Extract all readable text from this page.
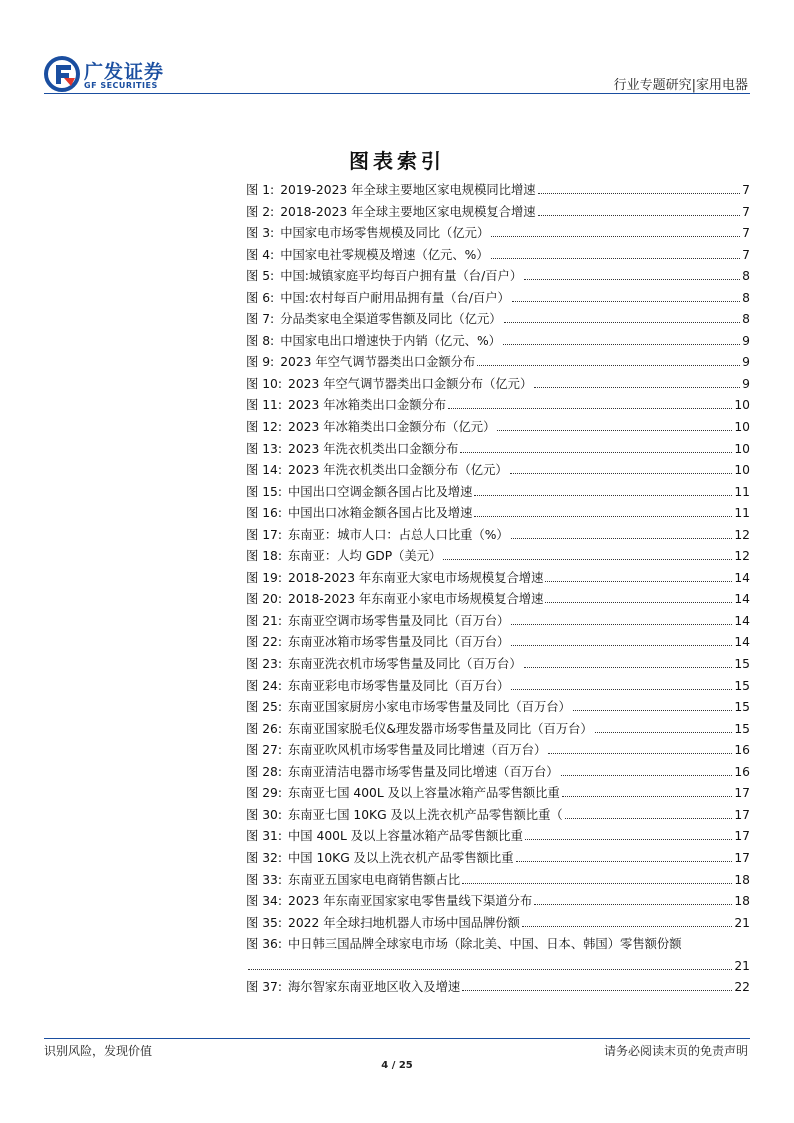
广发证券
GF SECURITIES	行业专题研究|家用电器
图表索引
图 1: 2019-2023 年全球主要地区家电规模同比增速	7
图 2: 2018-2023 年全球主要地区家电规模复合增速	7
图 3: 中国家电市场零售规模及同比（亿元）	7
图 4: 中国家电社零规模及增速（亿元、%）	7
图 5: 中国:城镇家庭平均每百户拥有量（台/百户）	8
图 6: 中国:农村每百户耐用品拥有量（台/百户）	8
图 7: 分品类家电全渠道零售额及同比（亿元）	8
图 8: 中国家电出口增速快于内销（亿元、%）	9
图 9: 2023 年空气调节器类出口金额分布	9
图 10: 2023 年空气调节器类出口金额分布（亿元）	9
图 11: 2023 年冰箱类出口金额分布	10
图 12: 2023 年冰箱类出口金额分布（亿元）	10
图 13: 2023 年洗衣机类出口金额分布	10
图 14: 2023 年洗衣机类出口金额分布（亿元）	10
图 15: 中国出口空调金额各国占比及增速	11
图 16: 中国出口冰箱金额各国占比及增速	11
图 17: 东南亚：城市人口：占总人口比重（%）	12
图 18: 东南亚：人均 GDP（美元）	12
图 19: 2018-2023 年东南亚大家电市场规模复合增速	14
图 20: 2018-2023 年东南亚小家电市场规模复合增速	14
图 21: 东南亚空调市场零售量及同比（百万台）	14
图 22: 东南亚冰箱市场零售量及同比（百万台）	14
图 23: 东南亚洗衣机市场零售量及同比（百万台）	15
图 24: 东南亚彩电市场零售量及同比（百万台）	15
图 25: 东南亚国家厨房小家电市场零售量及同比（百万台）	15
图 26: 东南亚国家脱毛仪&理发器市场零售量及同比（百万台）	15
图 27: 东南亚吹风机市场零售量及同比增速（百万台）	16
图 28: 东南亚清洁电器市场零售量及同比增速（百万台）	16
图 29: 东南亚七国 400L 及以上容量冰箱产品零售额比重	17
图 30: 东南亚七国 10KG 及以上洗衣机产品零售额比重（	17
图 31: 中国 400L 及以上容量冰箱产品零售额比重	17
图 32: 中国 10KG 及以上洗衣机产品零售额比重	17
图 33: 东南亚五国家电电商销售额占比	18
图 34: 2023 年东南亚国家家电零售量线下渠道分布	18
图 35: 2022 年全球扫地机器人市场中国品牌份额	21
图 36: 中日韩三国品牌全球家电市场（除北美、中国、日本、韩国）零售额份额
21
图 37: 海尔智家东南亚地区收入及增速	22
识别风险，发现价值	请务必阅读末页的免责声明
4 / 25
